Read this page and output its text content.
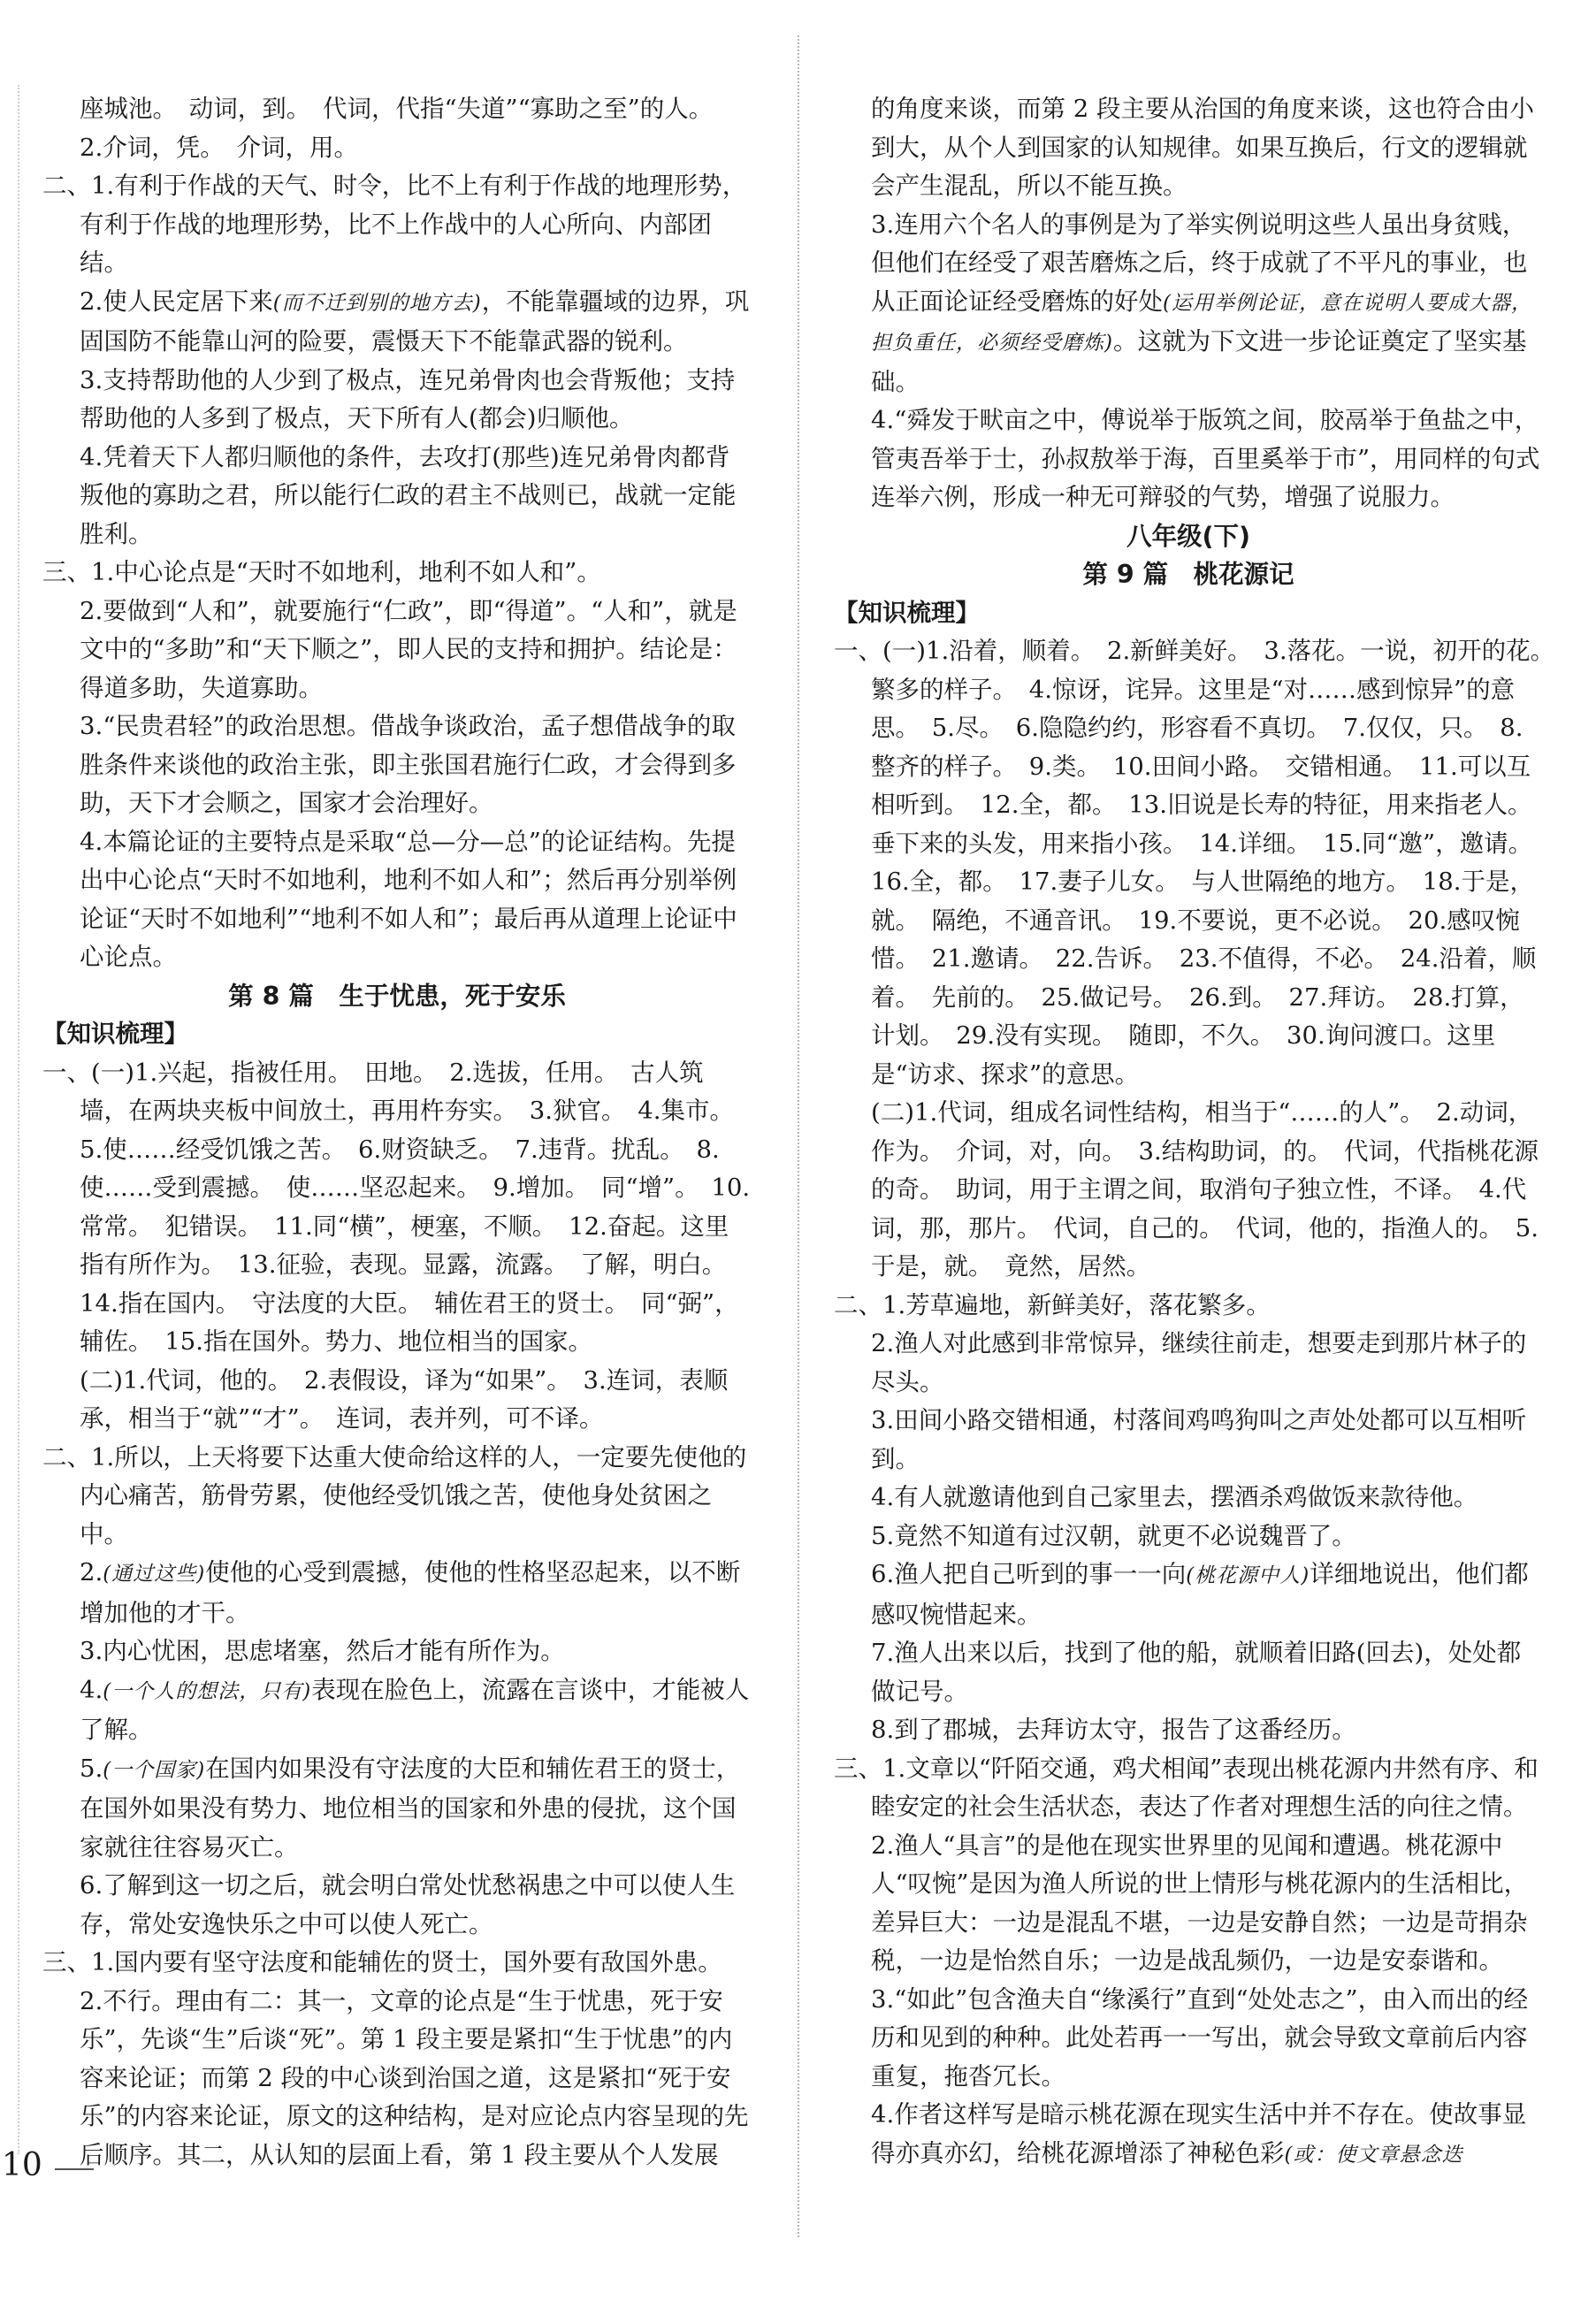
座城池。　动词，到。　代词，代指“失道”“寡助之至”的人。
2.介词，凭。　介词，用。
二、1.有利于作战的天气、时令，比不上有利于作战的地理形势，有利于作战的地理形势，比不上作战中的人心所向、内部团结。
2.使人民定居下来(而不迁到别的地方去)，不能靠疆域的边界，巩固国防不能靠山河的险要，震慑天下不能靠武器的锐利。
3.支持帮助他的人少到了极点，连兄弟骨肉也会背叛他；支持帮助他的人多到了极点，天下所有人(都会)归顺他。
4.凭着天下人都归顺他的条件，去攻打(那些)连兄弟骨肉都背叛他的寡助之君，所以能行仁政的君主不战则已，战就一定能胜利。
三、1.中心论点是“天时不如地利，地利不如人和”。
2.要做到“人和”，就要施行“仁政”，即“得道”。“人和”，就是文中的“多助”和“天下顺之”，即人民的支持和拥护。结论是：得道多助，失道寡助。
3.“民贵君轻”的政治思想。借战争谈政治，孟子想借战争的取胜条件来谈他的政治主张，即主张国君施行仁政，才会得到多助，天下才会顺之，国家才会治理好。
4.本篇论证的主要特点是采取“总—分—总”的论证结构。先提出中心论点“天时不如地利，地利不如人和”；然后再分别举例论证“天时不如地利”“地利不如人和”；最后再从道理上论证中心论点。
第 8 篇　生于忧患，死于安乐
【知识梳理】
一、(一)1.兴起，指被任用。　田地。　2.选拔，任用。　古人筑墙，在两块夹板中间放土，再用杵夯实。　3.狱官。　4.集市。　5.使……经受饥饿之苦。　6.财资缺乏。　7.违背。扰乱。　8.使……受到震撼。　使……坚忍起来。　9.增加。　同“增”。　10.常常。　犯错误。　11.同“横”，梗塞，不顺。　12.奋起。这里指有所作为。　13.征验，表现。显露，流露。　了解，明白。　14.指在国内。　守法度的大臣。　辅佐君王的贤士。　同“弼”，辅佐。　15.指在国外。势力、地位相当的国家。
(二)1.代词，他的。　2.表假设，译为“如果”。　3.连词，表顺承，相当于“就”“才”。　连词，表并列，可不译。
二、1.所以，上天将要下达重大使命给这样的人，一定要先使他的内心痛苦，筋骨劳累，使他经受饥饿之苦，使他身处贫困之中。
2.(通过这些)使他的心受到震撼，使他的性格坚忍起来，以不断增加他的才干。
3.内心忧困，思虑堵塞，然后才能有所作为。
4.(一个人的想法，只有)表现在脸色上，流露在言谈中，才能被人了解。
5.(一个国家)在国内如果没有守法度的大臣和辅佐君王的贤士，在国外如果没有势力、地位相当的国家和外患的侵扰，这个国家就往往容易灭亡。
6.了解到这一切之后，就会明白常处忧愁祸患之中可以使人生存，常处安逸快乐之中可以使人死亡。
三、1.国内要有坚守法度和能辅佐的贤士，国外要有敌国外患。
2.不行。理由有二：其一，文章的论点是“生于忧患，死于安乐”，先谈“生”后谈“死”。第 1 段主要是紧扣“生于忧患”的内容来论证；而第 2 段的中心谈到治国之道，这是紧扣“死于安乐”的内容来论证，原文的这种结构，是对应论点内容呈现的先后顺序。其二，从认知的层面上看，第 1 段主要从个人发展
的角度来谈，而第 2 段主要从治国的角度来谈，这也符合由小到大，从个人到国家的认知规律。如果互换后，行文的逻辑就会产生混乱，所以不能互换。
3.连用六个名人的事例是为了举实例说明这些人虽出身贫贱，但他们在经受了艰苦磨炼之后，终于成就了不平凡的事业，也从正面论证经受磨炼的好处(运用举例论证，意在说明人要成大器，担负重任，必须经受磨炼)。这就为下文进一步论证奠定了坚实基础。
4.“舜发于畎亩之中，傅说举于版筑之间，胶鬲举于鱼盐之中，管夷吾举于士，孙叔敖举于海，百里奚举于市”，用同样的句式连举六例，形成一种无可辩驳的气势，增强了说服力。
八年级(下)
第 9 篇　桃花源记
【知识梳理】
一、(一)1.沿着，顺着。　2.新鲜美好。　3.落花。一说，初开的花。　繁多的样子。　4.惊讶，诧异。这里是“对……感到惊异”的意思。　5.尽。　6.隐隐约约，形容看不真切。　7.仅仅，只。　8.整齐的样子。　9.类。　10.田间小路。　交错相通。　11.可以互相听到。　12.全，都。　13.旧说是长寿的特征，用来指老人。　垂下来的头发，用来指小孩。　14.详细。　15.同“邀”，邀请。　16.全，都。　17.妻子儿女。　与人世隔绝的地方。　18.于是，就。　隔绝，不通音讯。　19.不要说，更不必说。　20.感叹惋惜。　21.邀请。　22.告诉。　23.不值得，不必。　24.沿着，顺着。　先前的。　25.做记号。　26.到。　27.拜访。　28.打算，计划。　29.没有实现。　随即，不久。　30.询问渡口。这里是“访求、探求”的意思。
(二)1.代词，组成名词性结构，相当于“……的人”。　2.动词，作为。　介词，对，向。　3.结构助词，的。　代词，代指桃花源的奇。　助词，用于主谓之间，取消句子独立性，不译。　4.代词，那，那片。　代词，自己的。　代词，他的，指渔人的。　5.于是，就。　竟然，居然。
二、1.芳草遍地，新鲜美好，落花繁多。
2.渔人对此感到非常惊异，继续往前走，想要走到那片林子的尽头。
3.田间小路交错相通，村落间鸡鸣狗叫之声处处都可以互相听到。
4.有人就邀请他到自己家里去，摆酒杀鸡做饭来款待他。
5.竟然不知道有过汉朝，就更不必说魏晋了。
6.渔人把自己听到的事一一向(桃花源中人)详细地说出，他们都感叹惋惜起来。
7.渔人出来以后，找到了他的船，就顺着旧路(回去)，处处都做记号。
8.到了郡城，去拜访太守，报告了这番经历。
三、1.文章以“阡陌交通，鸡犬相闻”表现出桃花源内井然有序、和睦安定的社会生活状态，表达了作者对理想生活的向往之情。
2.渔人“具言”的是他在现实世界里的见闻和遭遇。桃花源中人“叹惋”是因为渔人所说的世上情形与桃花源内的生活相比，差异巨大：一边是混乱不堪，一边是安静自然；一边是苛捐杂税，一边是怡然自乐；一边是战乱频仍，一边是安泰谐和。
3.“如此”包含渔夫自“缘溪行”直到“处处志之”，由入而出的经历和见到的种种。此处若再一一写出，就会导致文章前后内容重复，拖沓冗长。
4.作者这样写是暗示桃花源在现实生活中并不存在。使故事显得亦真亦幻，给桃花源增添了神秘色彩(或：使文章悬念迭
10
